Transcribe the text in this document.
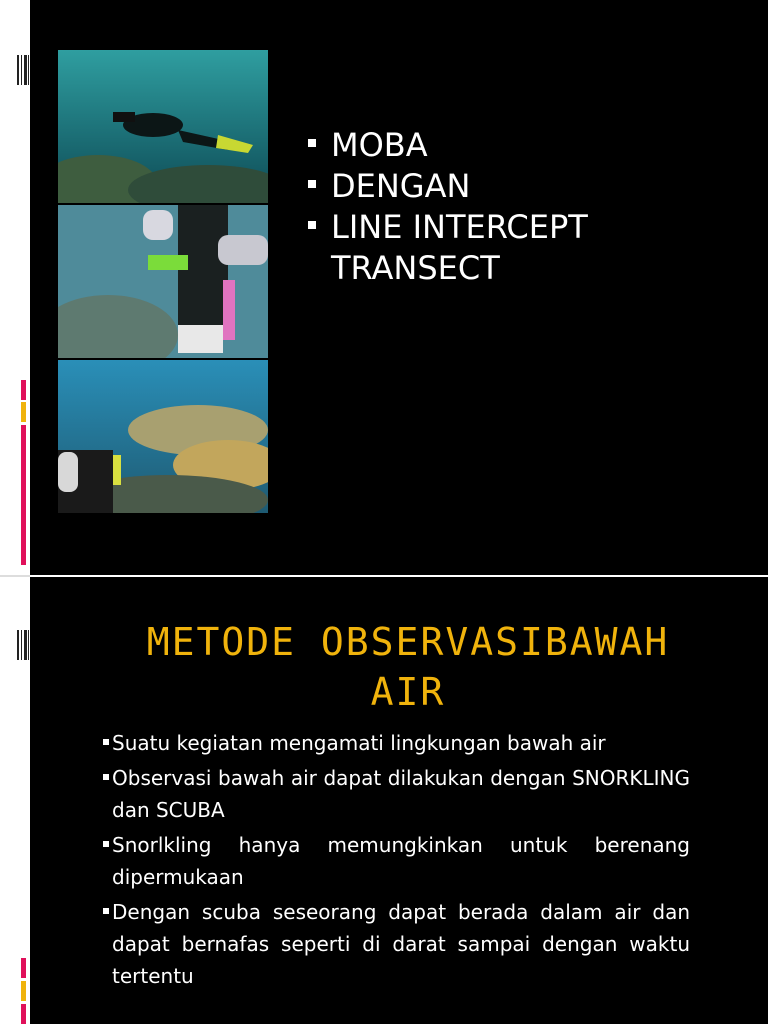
MOBA
DENGAN
LINE INTERCEPT TRANSECT
METODE OBSERVASIBAWAH
AIR
Suatu kegiatan mengamati lingkungan bawah air
Observasi bawah air dapat dilakukan dengan SNORKLING dan SCUBA
Snorlkling hanya memungkinkan untuk berenang dipermukaan
Dengan scuba seseorang dapat berada dalam air dan dapat bernafas seperti di darat sampai dengan waktu tertentu
